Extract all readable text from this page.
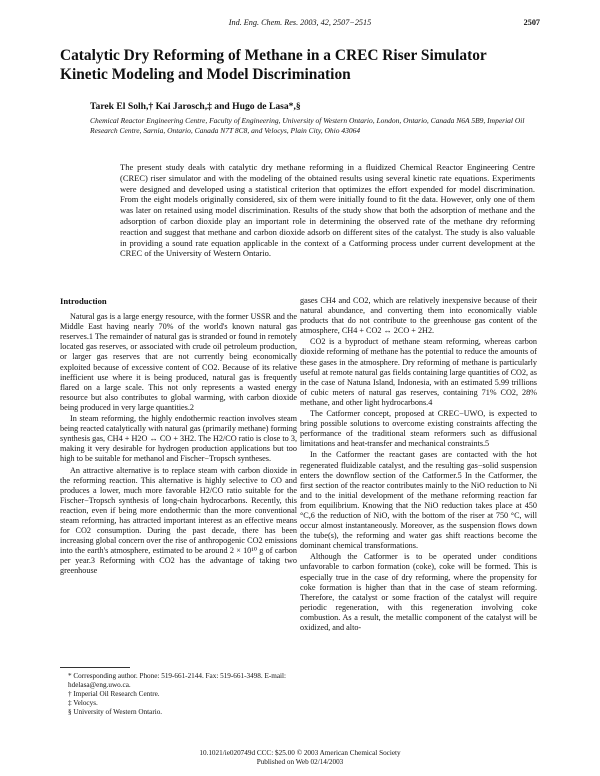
Ind. Eng. Chem. Res. 2003, 42, 2507−2515	2507
Catalytic Dry Reforming of Methane in a CREC Riser Simulator Kinetic Modeling and Model Discrimination
Tarek El Solh,† Kai Jarosch,‡ and Hugo de Lasa*,§
Chemical Reactor Engineering Centre, Faculty of Engineering, University of Western Ontario, London, Ontario, Canada N6A 5B9, Imperial Oil Research Centre, Sarnia, Ontario, Canada N7T 8C8, and Velocys, Plain City, Ohio 43064
The present study deals with catalytic dry methane reforming in a fluidized Chemical Reactor Engineering Centre (CREC) riser simulator and with the modeling of the obtained results using several kinetic rate equations. Experiments were designed and developed using a statistical criterion that optimizes the effort expended for model discrimination. From the eight models originally considered, six of them were initially found to fit the data. However, only one of them was later on retained using model discrimination. Results of the study show that both the adsorption of methane and the adsorption of carbon dioxide play an important role in determining the observed rate of the methane dry reforming reaction and suggest that methane and carbon dioxide adsorb on different sites of the catalyst. The study is also valuable in providing a sound rate equation applicable in the context of a Catforming process under current development at the CREC of the University of Western Ontario.
Introduction

Natural gas is a large energy resource, with the former USSR and the Middle East having nearly 70% of the world's known natural gas reserves.1 The remainder of natural gas is stranded or found in remotely located gas reserves, or associated with crude oil petroleum production, or larger gas reserves that are not currently being economically exploited because of excessive content of CO2. Because of its relative inefficient use where it is being produced, natural gas is frequently flared on a large scale. This not only represents a wasted energy resource but also contributes to global warming, with carbon dioxide being produced in very large quantities.2

In steam reforming, the highly endothermic reaction involves steam being reacted catalytically with natural gas (primarily methane) forming synthesis gas, CH4 + H2O ↔ CO + 3H2. The H2/CO ratio is close to 3, making it very desirable for hydrogen production applications but too high to be suitable for methanol and Fischer−Tropsch syntheses.

An attractive alternative is to replace steam with carbon dioxide in the reforming reaction. This alternative is highly selective to CO and produces a lower, much more favorable H2/CO ratio suitable for the Fischer−Tropsch synthesis of long-chain hydrocarbons. Recently, this reaction, even if being more endothermic than the more conventional steam reforming, has attracted important interest as an effective means for CO2 consumption. During the past decade, there has been increasing global concern over the rise of anthropogenic CO2 emissions into the earth's atmosphere, estimated to be around 2 × 10¹⁰ g of carbon per year.3 Reforming with CO2 has the advantage of taking two greenhouse

gases CH4 and CO2, which are relatively inexpensive because of their natural abundance, and converting them into economically viable products that do not contribute to the greenhouse gas content of the atmosphere, CH4 + CO2 ↔ 2CO + 2H2.

CO2 is a byproduct of methane steam reforming, whereas carbon dioxide reforming of methane has the potential to reduce the amounts of these gases in the atmosphere. Dry reforming of methane is particularly useful at remote natural gas fields containing large quantities of CO2, as in the case of Natuna Island, Indonesia, with an estimated 5.99 trillions of cubic meters of natural gas reserves, containing 71% CO2, 28% methane, and other light hydrocarbons.4

The Catformer concept, proposed at CREC−UWO, is expected to bring possible solutions to overcome existing constraints affecting the performance of the traditional steam reformers such as diffusional limitations and heat-transfer and mechanical constraints.5

In the Catformer the reactant gases are contacted with the hot regenerated fluidizable catalyst, and the resulting gas−solid suspension enters the downflow section of the Catformer.5 In the Catformer, the first section of the reactor contributes mainly to the NiO reduction to Ni and to the initial development of the methane reforming reaction far from equilibrium. Knowing that the NiO reduction takes place at 450 °C,6 the reduction of NiO, with the bottom of the riser at 750 °C, will occur almost instantaneously. Moreover, as the suspension flows down the tube(s), the reforming and water gas shift reactions become the dominant chemical transformations.

Although the Catformer is to be operated under conditions unfavorable to carbon formation (coke), coke will be formed. This is especially true in the case of dry reforming, where the propensity for coke formation is higher than that in the case of steam reforming. Therefore, the catalyst or some fraction of the catalyst will require periodic regeneration, with this regeneration involving coke combustion. As a result, the metallic component of the catalyst will be oxidized, and alto-

* Corresponding author. Phone: 519-661-2144. Fax: 519-661-3498. E-mail: hdelasa@eng.uwo.ca.
† Imperial Oil Research Centre.
‡ Velocys.
§ University of Western Ontario.
10.1021/ie020749d CCC: $25.00 © 2003 American Chemical Society
Published on Web 02/14/2003
